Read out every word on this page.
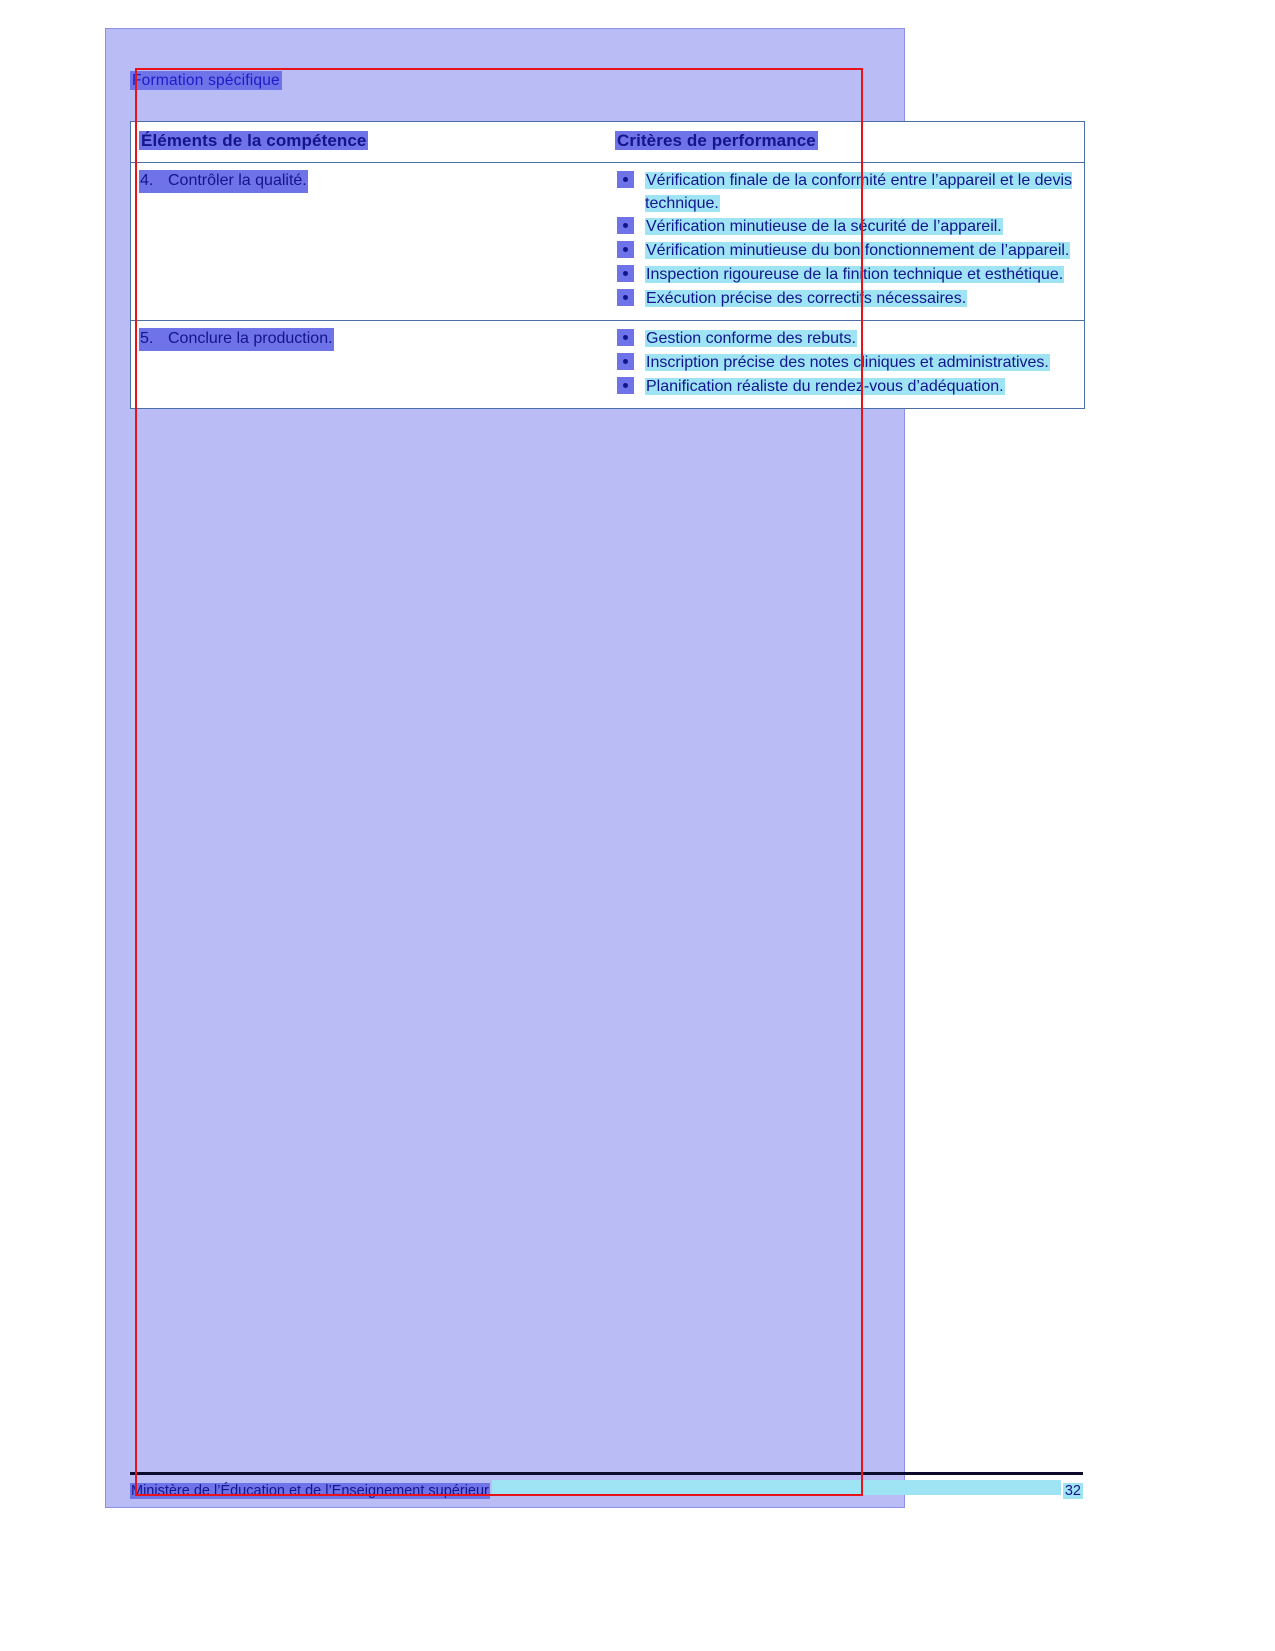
Formation spécifique
Éléments de la compétence	Critères de performance
4. Contrôler la qualité.	Vérification finale de la conformité entre l’appareil et le devis technique.
Vérification minutieuse de la sécurité de l’appareil.
Vérification minutieuse du bon fonctionnement de l’appareil.
Inspection rigoureuse de la finition technique et esthétique.
Exécution précise des correctifs nécessaires.
5. Conclure la production.	Gestion conforme des rebuts.
Inscription précise des notes cliniques et administratives.
Planification réaliste du rendez-vous d’adéquation.
Ministère de l’Éducation et de l’Enseignement supérieur	32
